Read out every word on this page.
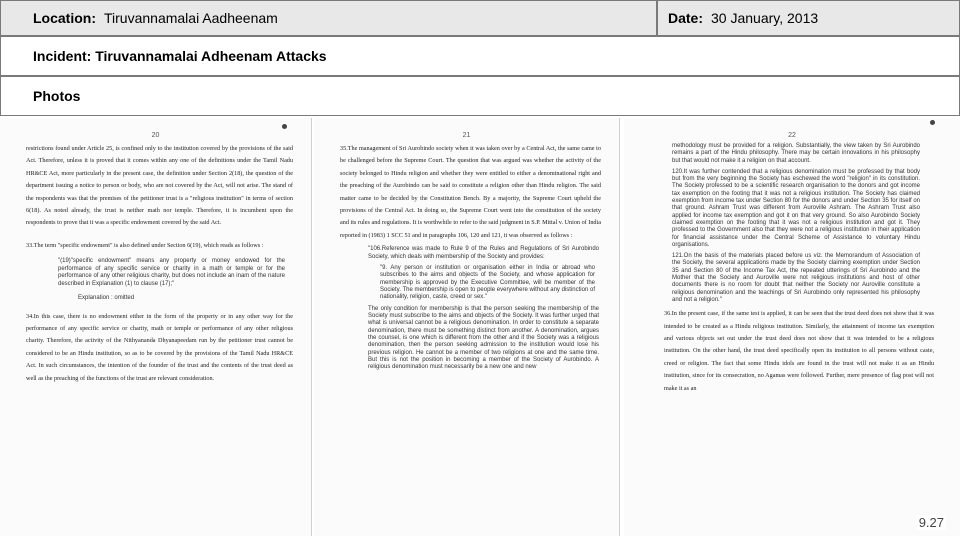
Location: Tiruvannamalai Aadheenam	Date: 30 January, 2013
Incident: Tiruvannamalai Adheenam Attacks
Photos
20

restrictions found under Article 25, is confined only to the institution covered by the provisions of the said Act. Therefore, unless it is proved that it comes within any one of the definitions under the Tamil Nadu HR&CE Act, more particularly in the present case, the definition under Section 2(18), the question of the department issuing a notice to person or body, who are not covered by the Act, will not arise. The stand of the respondents was that the premises of the petitioner trust is a "religious institution" in terms of section 6(18). As noted already, the trust is neither math nor temple. Therefore, it is incumbent upon the respondents to prove that it was a specific endowment covered by the said Act.

33.The term "specific endowment" is also defined under Section 6(19), which reads as follows :

"(19)"specific endowment" means any property or money endowed for the performance of any specific service or charity in a math or temple or for the performance of any other religious charity, but does not include an inam of the nature described in Explanation (1) to clause (17);"

Explanation : omitted

34.In this case, there is no endowment either in the form of the property or in any other way for the performance of any specific service or charity, math or temple or performance of any other religious charity. Therefore, the activity of the Nithyananda Dhyanapeedam run by the petitioner trust cannot be considered to be an Hindu institution, so as to be covered by the provisions of the Tamil Nadu HR&CE Act. In such circumstances, the intention of the founder of the trust and the contents of the trust deed as well as the preaching of the functions of the trust are relevant consideration.

21

35.The management of Sri Aurobindo society when it was taken over by a Central Act, the same came to be challenged before the Supreme Court. The question that was argued was whether the activity of the society belonged to Hindu religion and whether they were entitled to either a denominational right and the preaching of the Aurobindo can be said to constitute a religion other than Hindu religion. The said matter came to be decided by the Constitution Bench. By a majority, the Supreme Court upheld the provisions of the Central Act. In doing so, the Supreme Court went into the constitution of the society and its rules and regulations. It is worthwhile to refer to the said judgment in S.P. Mittal v. Union of India reported in (1983) 1 SCC 51 and in paragraphs 106, 120 and 121, it was observed as follows :

"106.Reference was made to Rule 9 of the Rules and Regulations of Sri Aurobindo Society, which deals with membership of the Society and provides:

"9. Any person or institution or organisation either in India or abroad who subscribes to the aims and objects of the Society, and whose application for membership is approved by the Executive Committee, will be member of the Society. The membership is open to people everywhere without any distinction of nationality, religion, caste, creed or sex."

The only condition for membership is that the person seeking the membership of the Society must subscribe to the aims and objects of the Society. It was further urged that what is universal cannot be a religious denomination. In order to constitute a separate denomination, there must be something distinct from another. A denomination, argues the counsel, is one which is different from the other and if the Society was a religious denomination, then the person seeking admission to the institution would lose his previous religion. He cannot be a member of two religions at one and the same time. But this is not the position in becoming a member of the Society of Aurobindo. A religious denomination must necessarily be a new one and new

22

methodology must be provided for a religion. Substantially, the view taken by Sri Aurobindo remains a part of the Hindu philosophy. There may be certain innovations in his philosophy but that would not make it a religion on that account.

120.It was further contended that a religious denomination must be professed by that body but from the very beginning the Society has eschewed the word "religion" in its constitution. The Society professed to be a scientific research organisation to the donors and got income tax exemption on the footing that it was not a religious institution. The Society has claimed exemption from income tax under Section 80 for the donors and under Section 35 for itself on that ground. Ashram Trust was different from Auroville Ashram. The Ashram Trust also applied for income tax exemption and got it on that very ground. So also Aurobindo Society claimed exemption on the footing that it was not a religious institution and got it. They professed to the Government also that they were not a religious institution in their application for financial assistance under the Central Scheme of Assistance to voluntary Hindu organisations.

121.On the basis of the materials placed before us viz. the Memorandum of Association of the Society, the several applications made by the Society claiming exemption under Section 35 and Section 80 of the Income Tax Act, the repeated utterings of Sri Aurobindo and the Mother that the Society and Auroville were not religious institutions and host of other documents there is no room for doubt that neither the Society nor Auroville constitute a religious denomination and the teachings of Sri Aurobindo only represented his philosophy and not a religion."

36.In the present case, if the same test is applied, it can be seen that the trust deed does not show that it was intended to be created as a Hindu religious institution. Similarly, the attainment of income tax exemption and various objects set out under the trust deed does not show that it was intended to be a religious institution. On the other hand, the trust deed specifically open its institution to all persons without caste, creed or religion. The fact that some Hindu idols are found in the trust will not make it as an Hindu institution, since for its consecration, no Agamas were followed. Further, mere presence of flag post will not make it as an

9.27
